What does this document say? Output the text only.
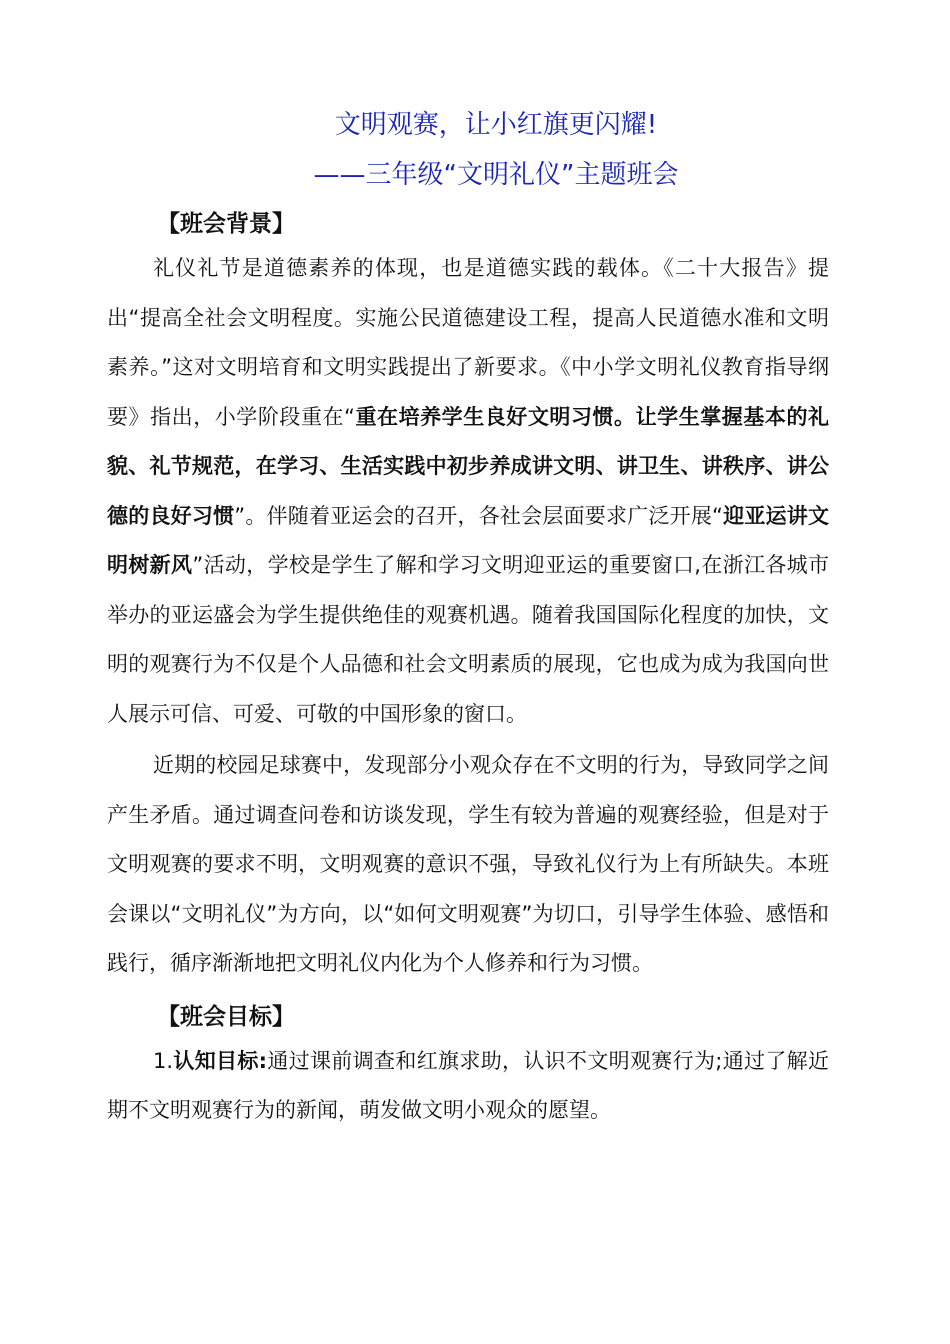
文明观赛，让小红旗更闪耀!
——三年级“文明礼仪”主题班会
【班会背景】

礼仪礼节是道德素养的体现，也是道德实践的载体。《二十大报告》提出“提高全社会文明程度。实施公民道德建设工程，提高人民道德水准和文明素养。”这对文明培育和文明实践提出了新要求。《中小学文明礼仪教育指导纲要》指出，小学阶段重在“重在培养学生良好文明习惯。让学生掌握基本的礼貌、礼节规范，在学习、生活实践中初步养成讲文明、讲卫生、讲秩序、讲公德的良好习惯”。伴随着亚运会的召开，各社会层面要求广泛开展“迎亚运讲文明树新风”活动，学校是学生了解和学习文明迎亚运的重要窗口,在浙江各城市举办的亚运盛会为学生提供绝佳的观赛机遇。随着我国国际化程度的加快，文明的观赛行为不仅是个人品德和社会文明素质的展现，它也成为成为我国向世人展示可信、可爱、可敬的中国形象的窗口。

近期的校园足球赛中，发现部分小观众存在不文明的行为，导致同学之间产生矛盾。通过调查问卷和访谈发现，学生有较为普遍的观赛经验，但是对于文明观赛的要求不明，文明观赛的意识不强，导致礼仪行为上有所缺失。本班会课以“文明礼仪”为方向，以“如何文明观赛”为切口，引导学生体验、感悟和践行，循序渐渐地把文明礼仪内化为个人修养和行为习惯。

【班会目标】

1.认知目标:通过课前调查和红旗求助，认识不文明观赛行为;通过了解近期不文明观赛行为的新闻，萌发做文明小观众的愿望。
